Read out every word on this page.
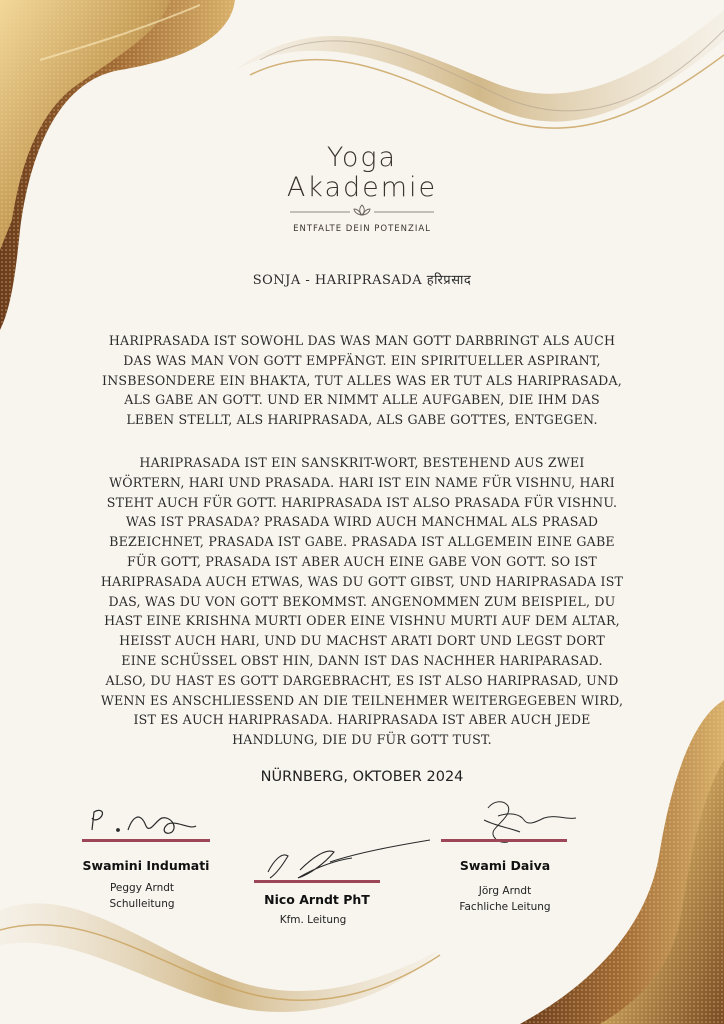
Yoga
Akademie
ENTFALTE DEIN POTENZIAL
SONJA - HARIPRASADA हरिप्रसाद
HARIPRASADA IST SOWOHL DAS WAS MAN GOTT DARBRINGT ALS AUCH DAS WAS MAN VON GOTT EMPFÄNGT. EIN SPIRITUELLER ASPIRANT, INSBESONDERE EIN BHAKTA, TUT ALLES WAS ER TUT ALS HARIPRASADA, ALS GABE AN GOTT. UND ER NIMMT ALLE AUFGABEN, DIE IHM DAS LEBEN STELLT, ALS HARIPRASADA, ALS GABE GOTTES, ENTGEGEN.
HARIPRASADA IST EIN SANSKRIT-WORT, BESTEHEND AUS ZWEI WÖRTERN, HARI UND PRASADA. HARI IST EIN NAME FÜR VISHNU, HARI STEHT AUCH FÜR GOTT. HARIPRASADA IST ALSO PRASADA FÜR VISHNU. WAS IST PRASADA? PRASADA WIRD AUCH MANCHMAL ALS PRASAD BEZEICHNET, PRASADA IST GABE. PRASADA IST ALLGEMEIN EINE GABE FÜR GOTT, PRASADA IST ABER AUCH EINE GABE VON GOTT. SO IST HARIPRASADA AUCH ETWAS, WAS DU GOTT GIBST, UND HARIPRASADA IST DAS, WAS DU VON GOTT BEKOMMST. ANGENOMMEN ZUM BEISPIEL, DU HAST EINE KRISHNA MURTI ODER EINE VISHNU MURTI AUF DEM ALTAR, HEISST AUCH HARI, UND DU MACHST ARATI DORT UND LEGST DORT EINE SCHÜSSEL OBST HIN, DANN IST DAS NACHHER HARIPARASAD. ALSO, DU HAST ES GOTT DARGEBRACHT, ES IST ALSO HARIPRASAD, UND WENN ES ANSCHLIESSEND AN DIE TEILNEHMER WEITERGEGEBEN WIRD, IST ES AUCH HARIPRASADA. HARIPRASADA IST ABER AUCH JEDE HANDLUNG, DIE DU FÜR GOTT TUST.
NÜRNBERG, OKTOBER 2024
Swamini Indumati
Peggy Arndt
Schulleitung	Nico Arndt PhT
Kfm. Leitung
Swami Daiva
Jörg Arndt
Fachliche Leitung
